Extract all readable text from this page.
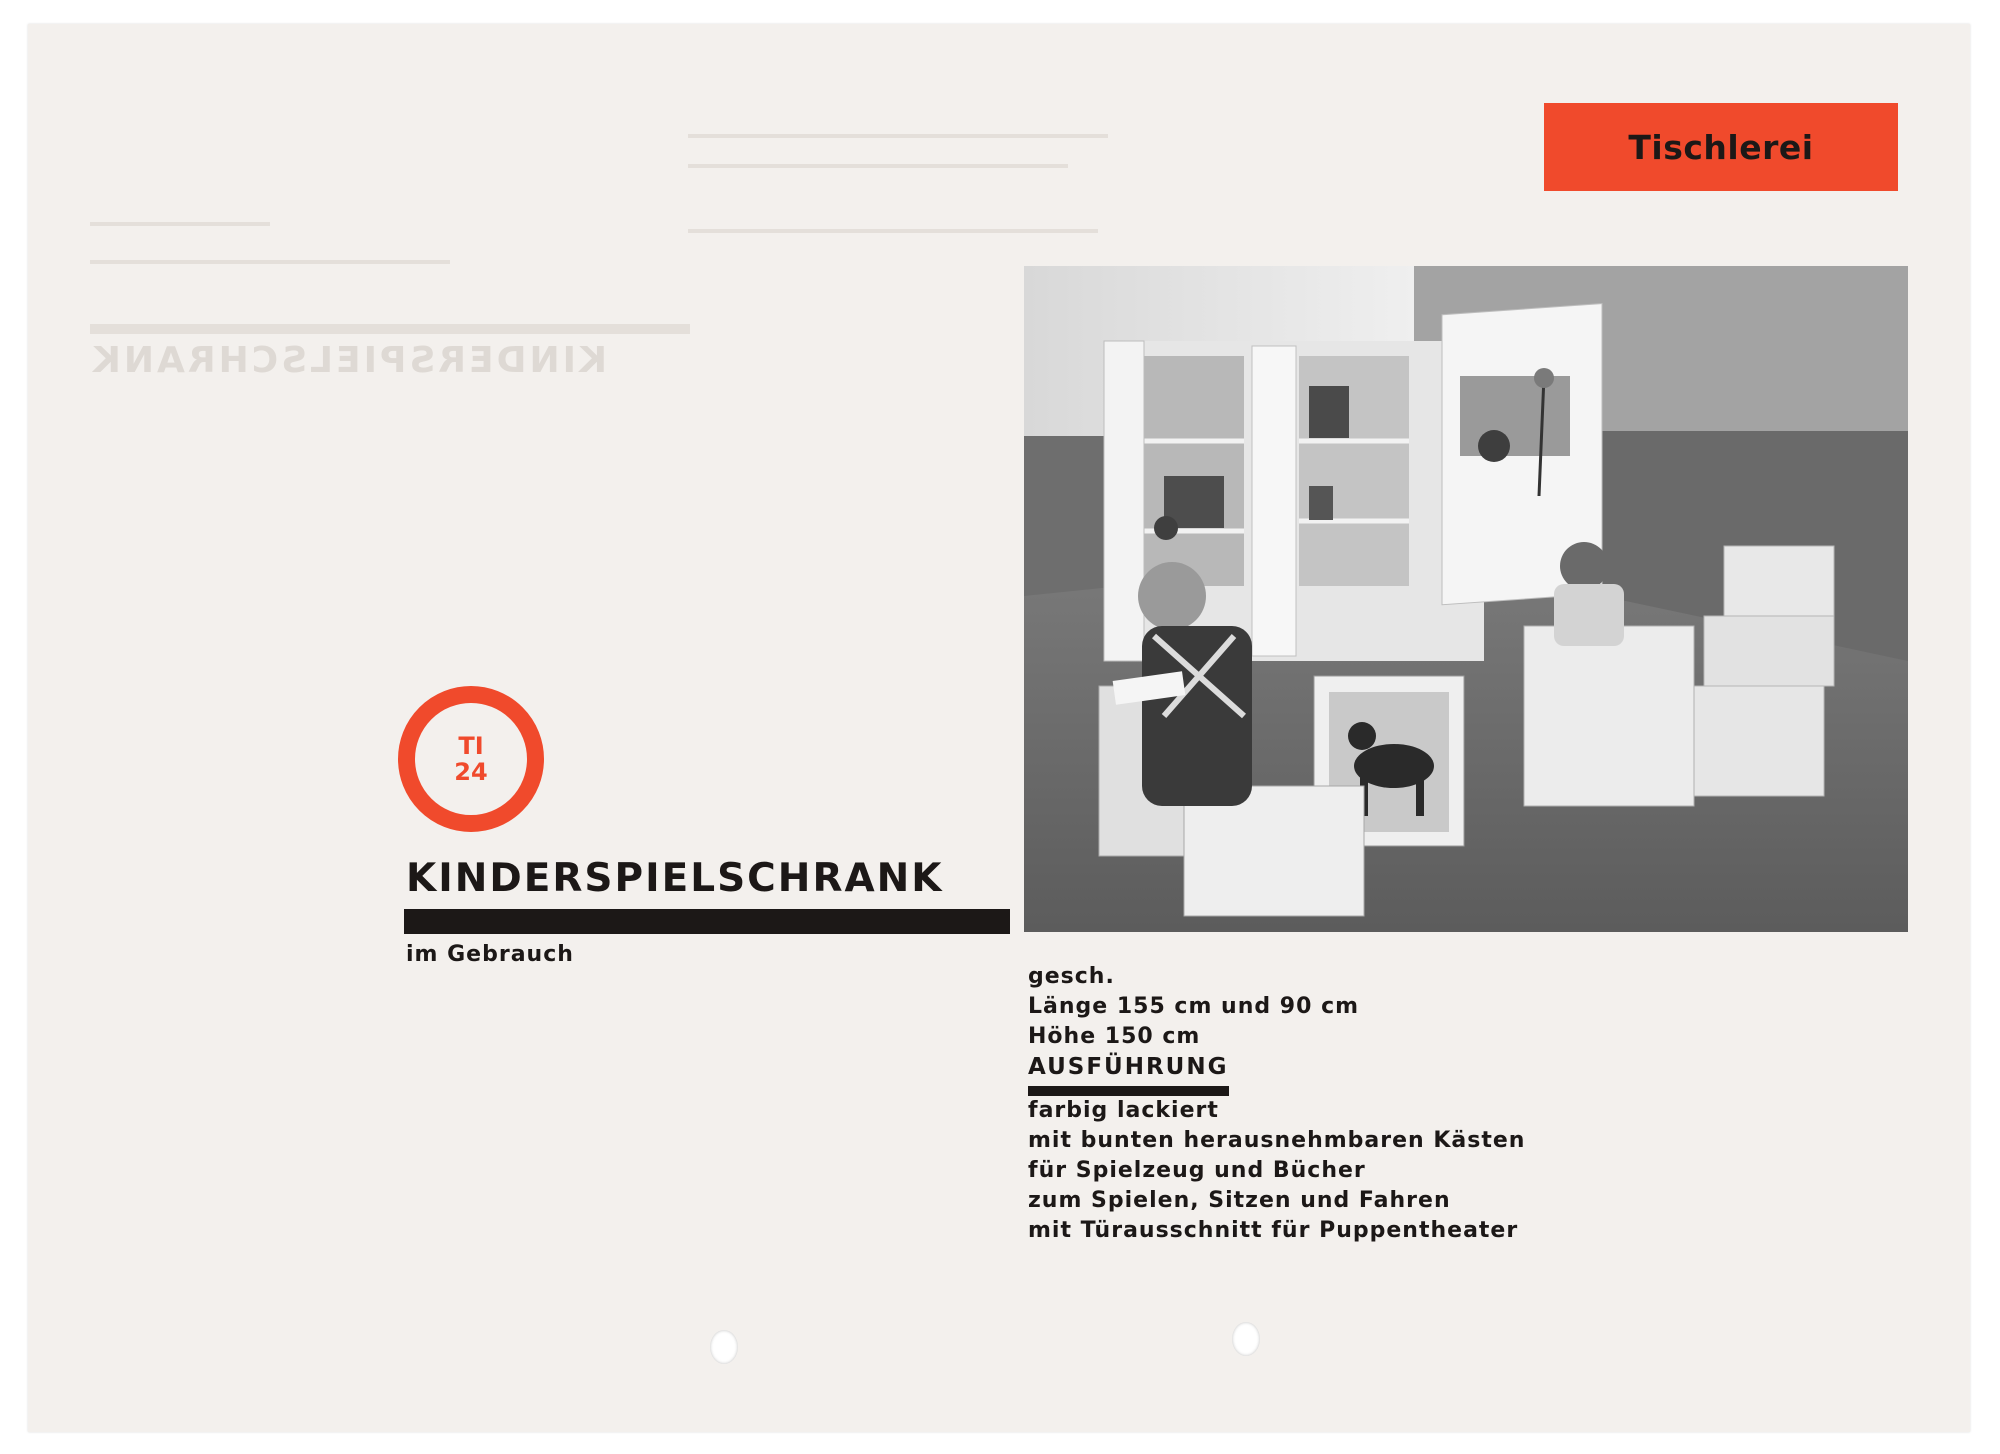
KINDERSPIELSCHRANK
Tischlerei
TI
24
KINDERSPIELSCHRANK
im Gebrauch
gesch.
Länge 155 cm und 90 cm
Höhe 150 cm
AUSFÜHRUNG
farbig lackiert
mit bunten herausnehmbaren Kästen
für Spielzeug und Bücher
zum Spielen, Sitzen und Fahren
mit Türausschnitt für Puppentheater
